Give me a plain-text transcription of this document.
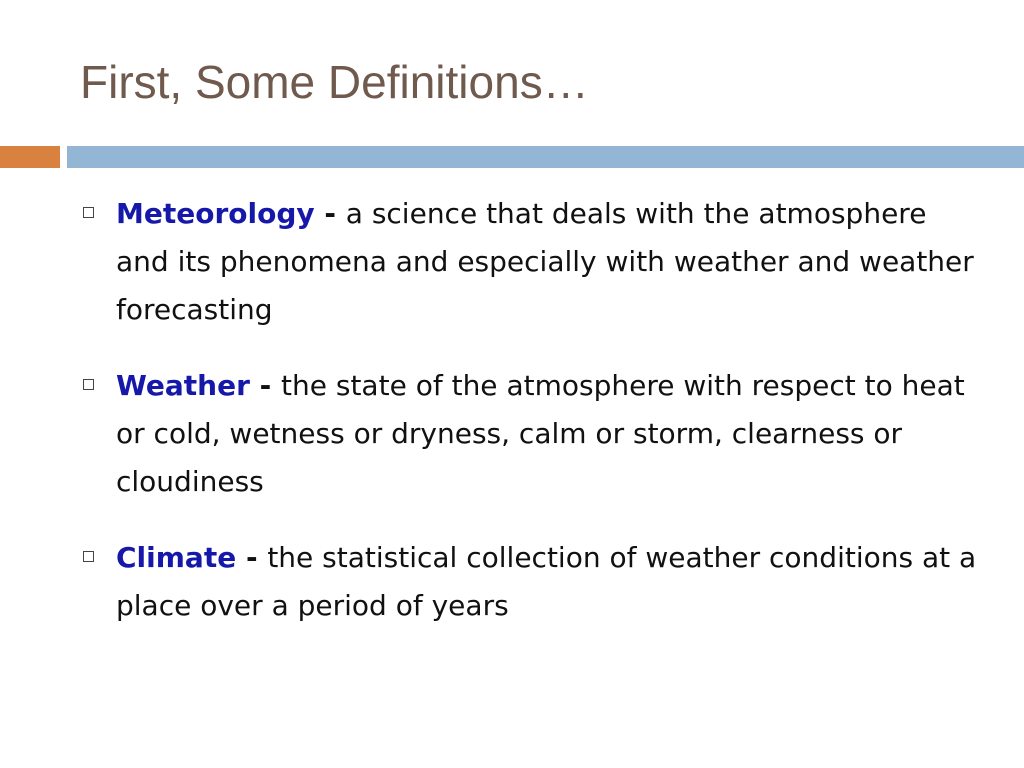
First, Some Definitions…
Meteorology - a science that deals with the atmosphere and its phenomena and especially with weather and weather forecasting
Weather - the state of the atmosphere with respect to heat or cold, wetness or dryness, calm or storm, clearness or cloudiness
Climate - the statistical collection of weather conditions at a place over a period of years
